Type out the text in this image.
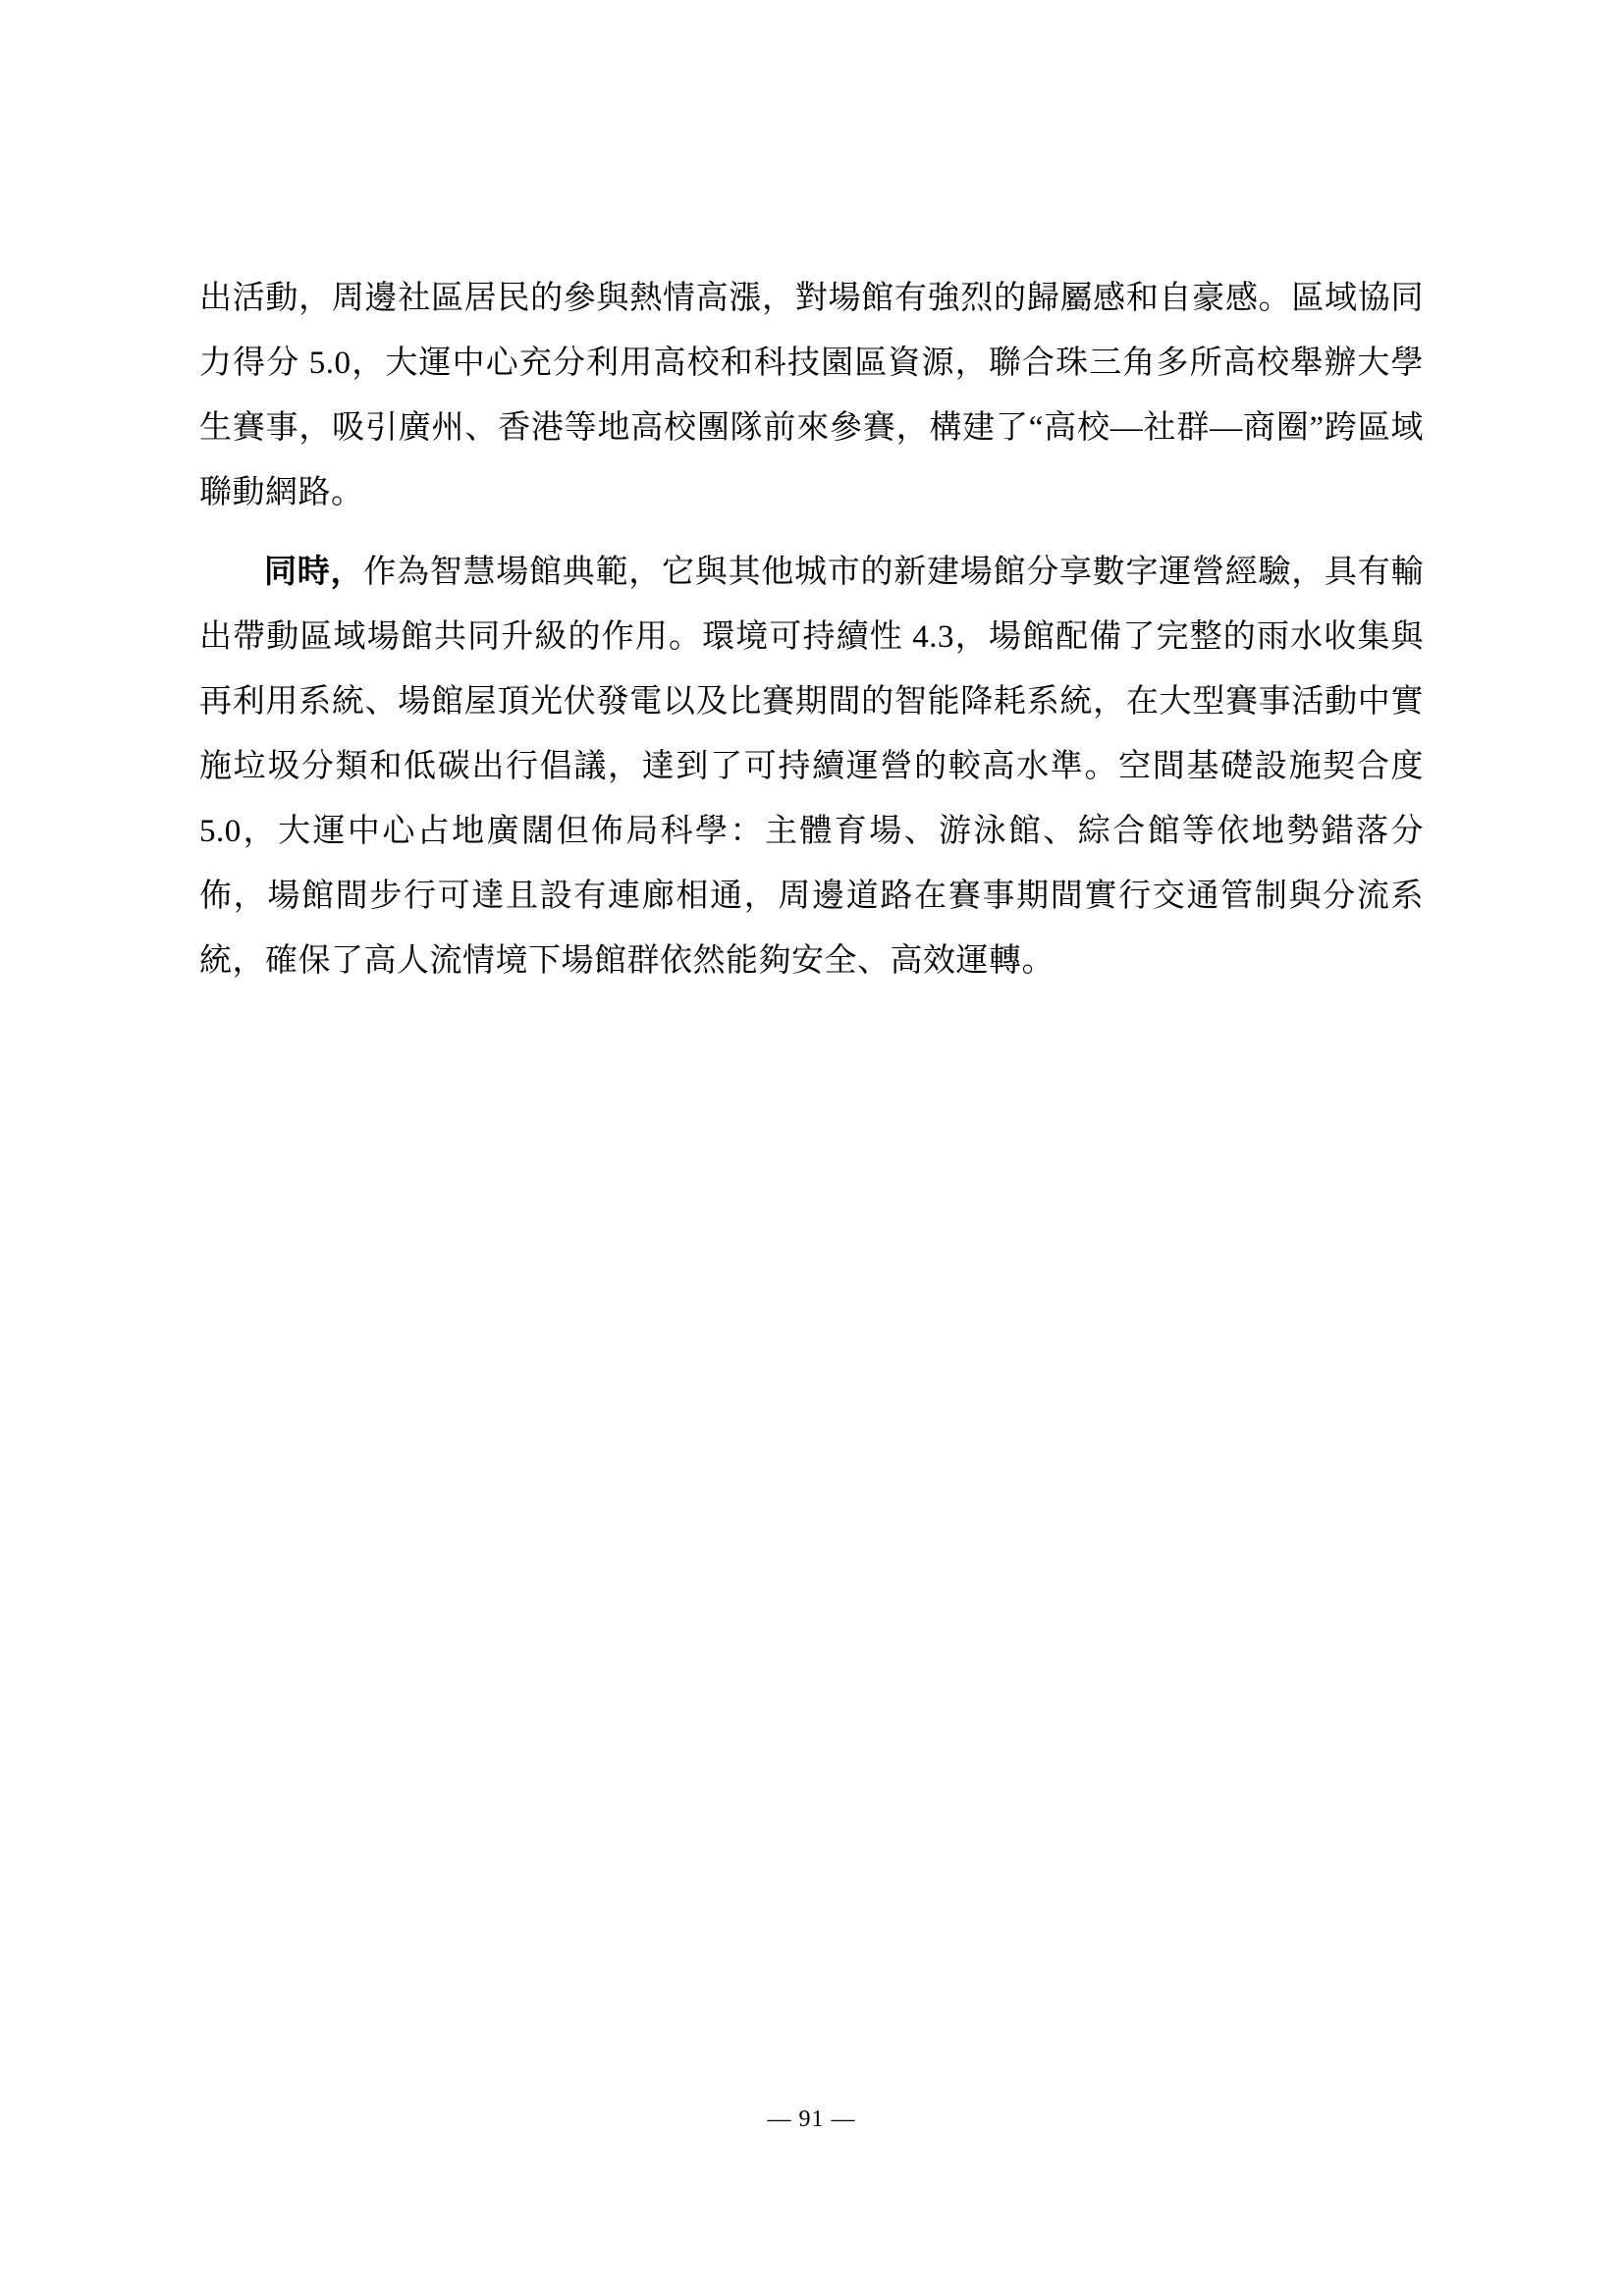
出活動，周邊社區居民的參與熱情高漲，對場館有強烈的歸屬感和自豪感。區域協同力得分 5.0，大運中心充分利用高校和科技園區資源，聯合珠三角多所高校舉辦大學生賽事，吸引廣州、香港等地高校團隊前來參賽，構建了“高校—社群—商圈”跨區域聯動網路。

同時，作為智慧場館典範，它與其他城市的新建場館分享數字運營經驗，具有輸出帶動區域場館共同升級的作用。環境可持續性 4.3，場館配備了完整的雨水收集與再利用系統、場館屋頂光伏發電以及比賽期間的智能降耗系統，在大型賽事活動中實施垃圾分類和低碳出行倡議，達到了可持續運營的較高水準。空間基礎設施契合度 5.0，大運中心占地廣闊但佈局科學：主體育場、游泳館、綜合館等依地勢錯落分佈，場館間步行可達且設有連廊相通，周邊道路在賽事期間實行交通管制與分流系統，確保了高人流情境下場館群依然能夠安全、高效運轉。

— 91 —
